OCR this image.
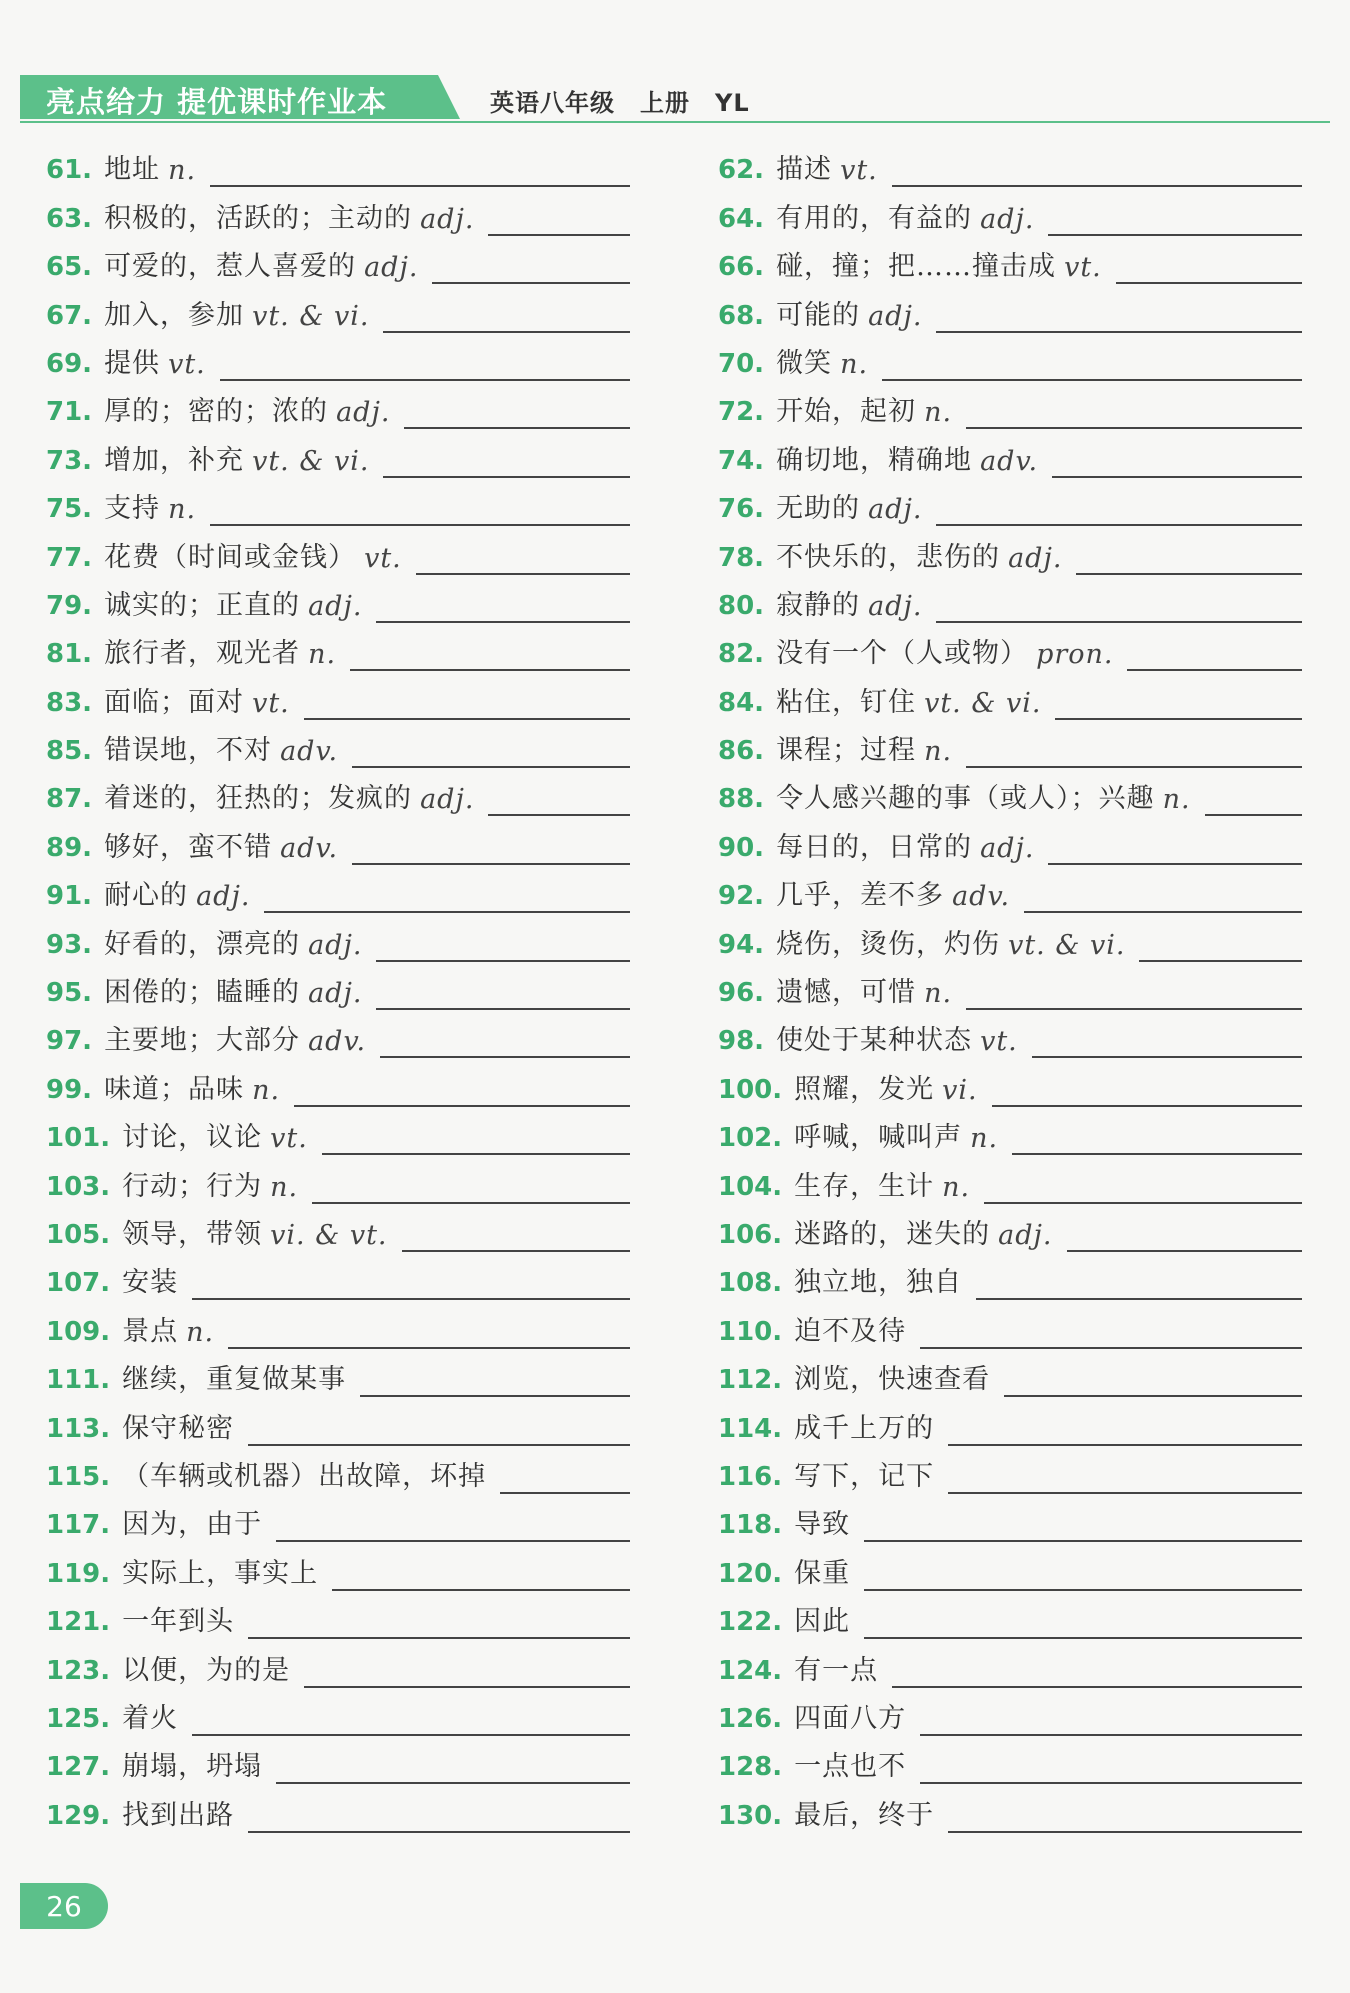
亮点给力 提优课时作业本	英语八年级　上册　YL
61. 地址 n.
63. 积极的，活跃的；主动的 adj.
65. 可爱的，惹人喜爱的 adj.
67. 加入，参加 vt. & vi.
69. 提供 vt.
71. 厚的；密的；浓的 adj.
73. 增加，补充 vt. & vi.
75. 支持 n.
77. 花费（时间或金钱） vt.
79. 诚实的；正直的 adj.
81. 旅行者，观光者 n.
83. 面临；面对 vt.
85. 错误地，不对 adv.
87. 着迷的，狂热的；发疯的 adj.
89. 够好，蛮不错 adv.
91. 耐心的 adj.
93. 好看的，漂亮的 adj.
95. 困倦的；瞌睡的 adj.
97. 主要地；大部分 adv.
99. 味道；品味 n.
101. 讨论，议论 vt.
103. 行动；行为 n.
105. 领导，带领 vi. & vt.
107. 安装
109. 景点 n.
111. 继续，重复做某事
113. 保守秘密
115. （车辆或机器）出故障，坏掉
117. 因为，由于
119. 实际上，事实上
121. 一年到头
123. 以便，为的是
125. 着火
127. 崩塌，坍塌
129. 找到出路
62. 描述 vt.
64. 有用的，有益的 adj.
66. 碰，撞；把……撞击成 vt.
68. 可能的 adj.
70. 微笑 n.
72. 开始，起初 n.
74. 确切地，精确地 adv.
76. 无助的 adj.
78. 不快乐的，悲伤的 adj.
80. 寂静的 adj.
82. 没有一个（人或物） pron.
84. 粘住，钉住 vt. & vi.
86. 课程；过程 n.
88. 令人感兴趣的事（或人）；兴趣 n.
90. 每日的，日常的 adj.
92. 几乎，差不多 adv.
94. 烧伤，烫伤，灼伤 vt. & vi.
96. 遗憾，可惜 n.
98. 使处于某种状态 vt.
100. 照耀，发光 vi.
102. 呼喊，喊叫声 n.
104. 生存，生计 n.
106. 迷路的，迷失的 adj.
108. 独立地，独自
110. 迫不及待
112. 浏览，快速查看
114. 成千上万的
116. 写下，记下
118. 导致
120. 保重
122. 因此
124. 有一点
126. 四面八方
128. 一点也不
130. 最后，终于
26
